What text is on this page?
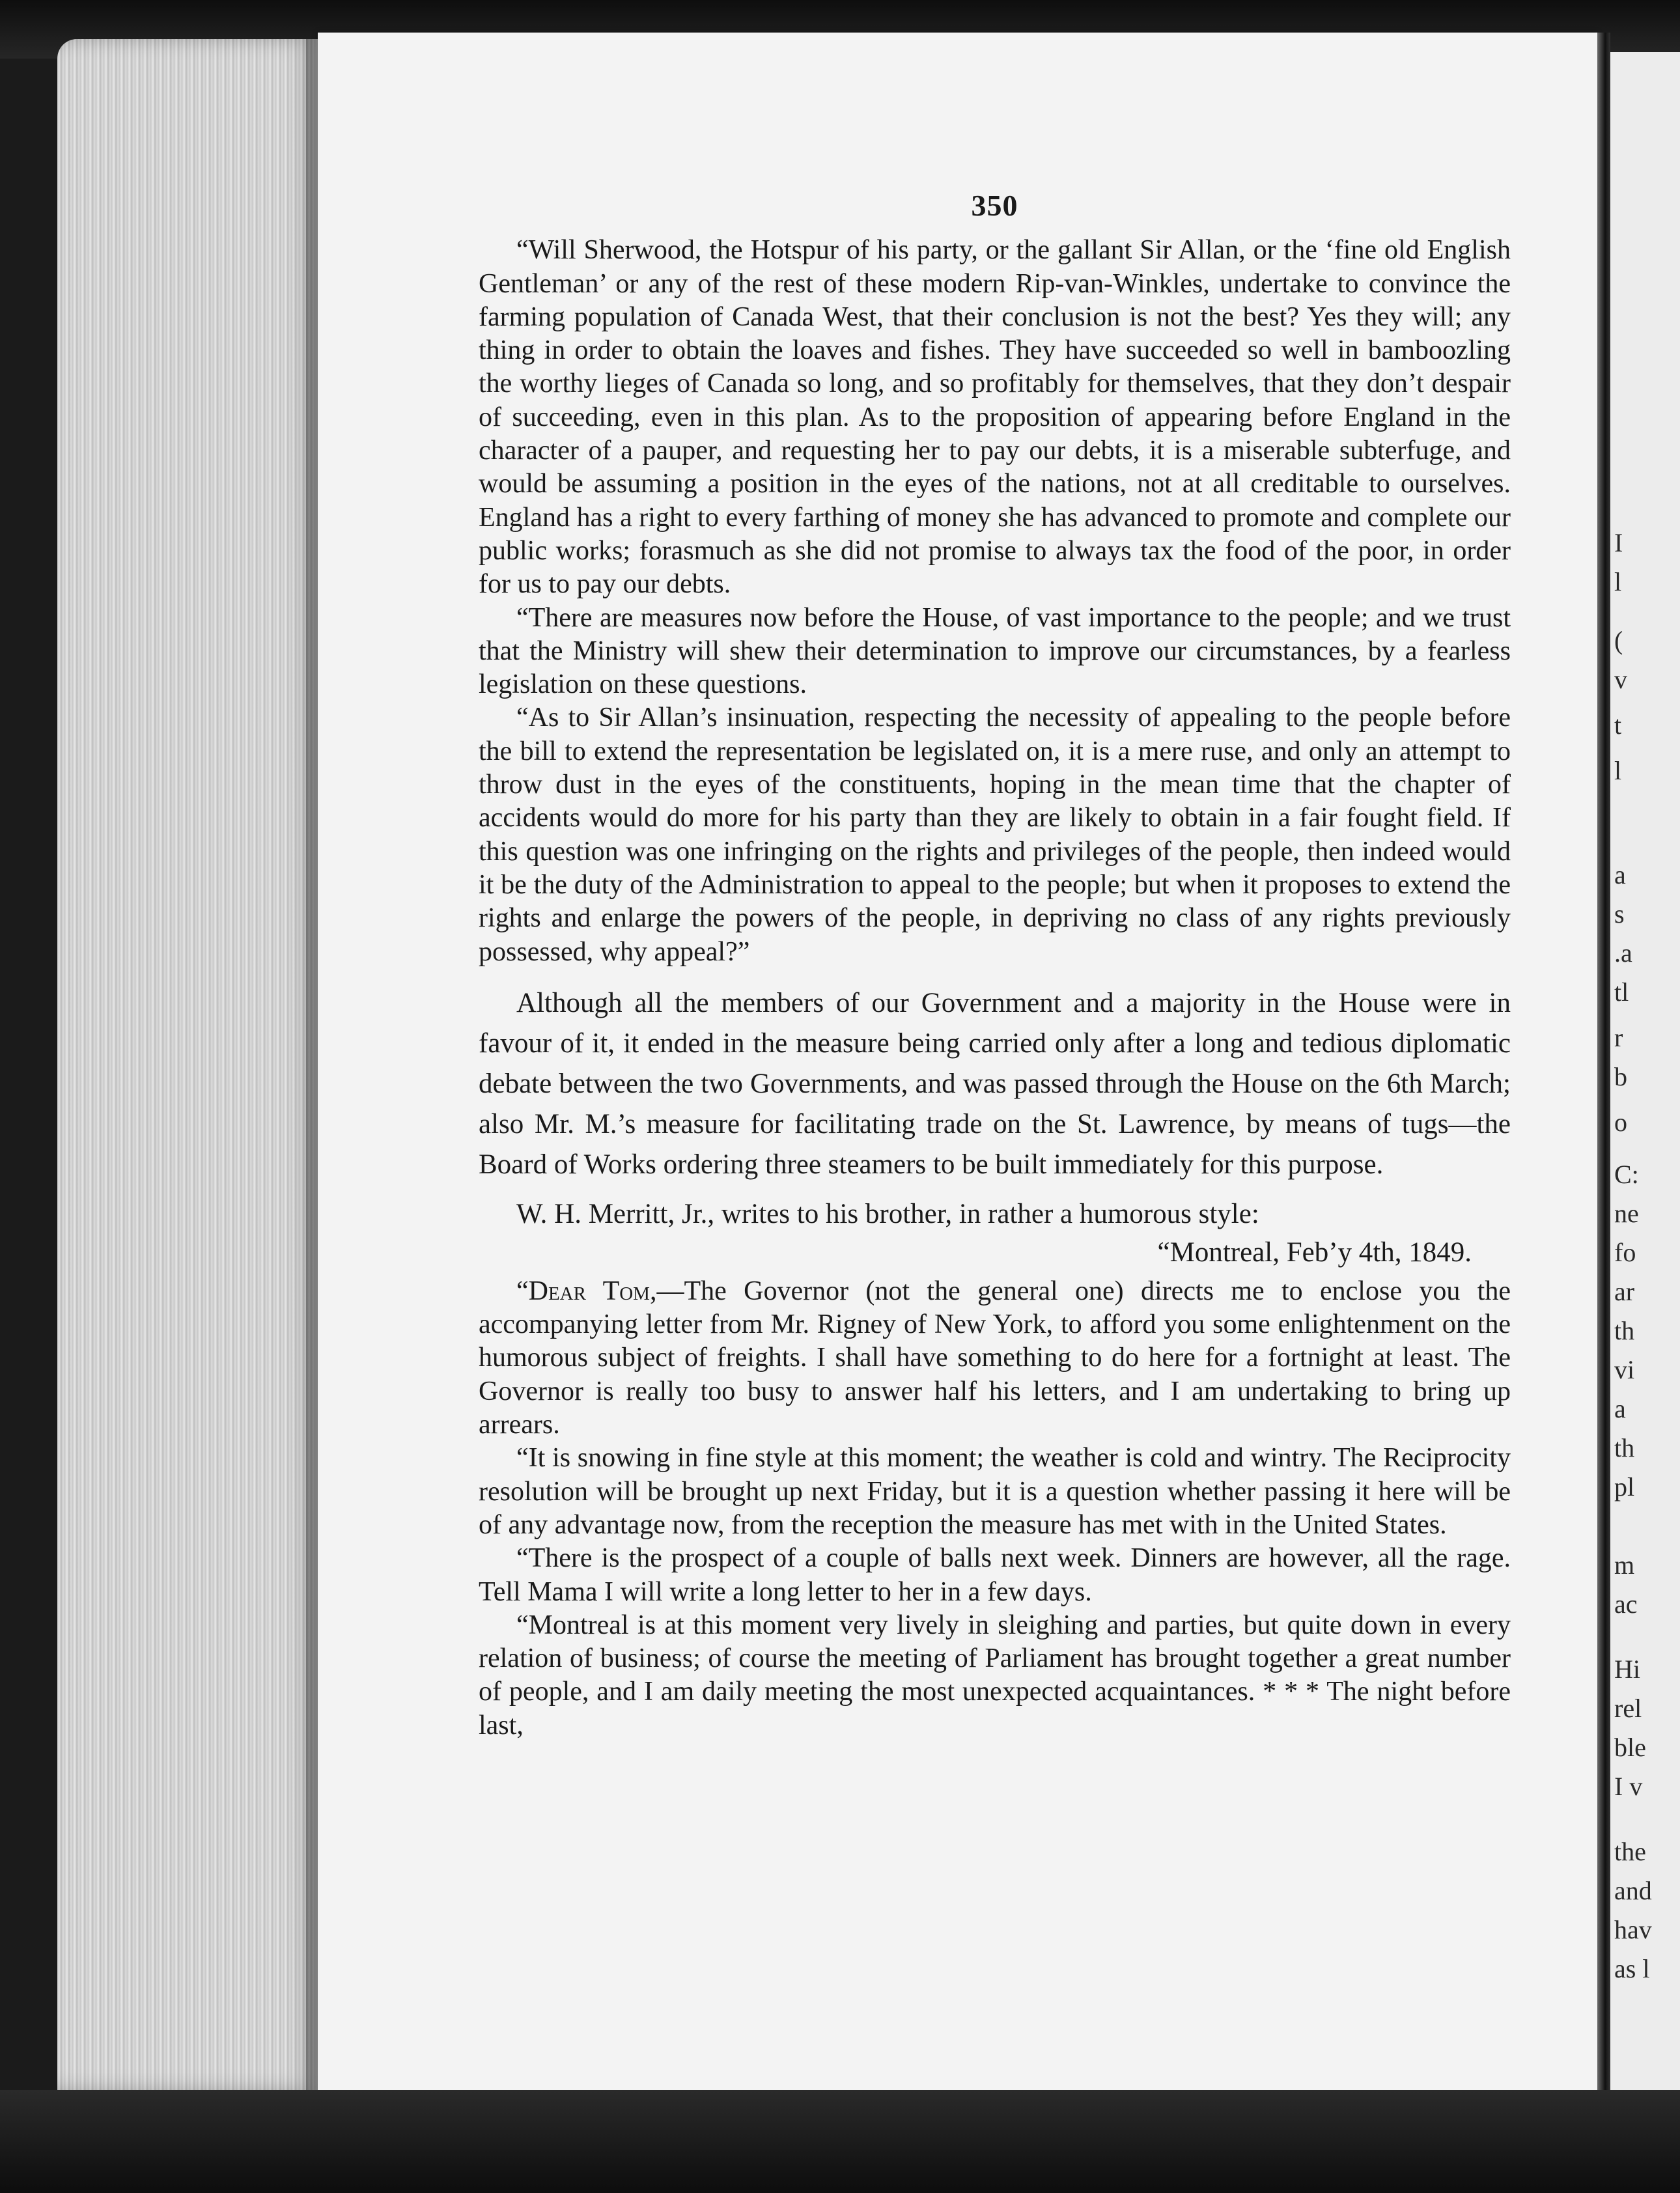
I
l
(
v
t
l
a
s
.a
tl
r
b
o
C:
ne
fo
ar
th
vi
a
th
pl
m
ac
Hi
rel
ble
I v
the
and
hav
as l
350

“Will Sherwood, the Hotspur of his party, or the gallant Sir Allan, or the ‘fine old English Gentleman’ or any of the rest of these modern Rip-van-Winkles, undertake to convince the farming population of Canada West, that their conclusion is not the best? Yes they will; any thing in order to obtain the loaves and fishes. They have succeeded so well in bamboozling the worthy lieges of Canada so long, and so profitably for themselves, that they don’t despair of succeeding, even in this plan. As to the proposition of appearing before England in the character of a pauper, and requesting her to pay our debts, it is a miserable subterfuge, and would be assuming a position in the eyes of the nations, not at all creditable to ourselves. England has a right to every farthing of money she has advanced to promote and complete our public works; forasmuch as she did not promise to always tax the food of the poor, in order for us to pay our debts.

“There are measures now before the House, of vast importance to the people; and we trust that the Ministry will shew their determination to improve our circumstances, by a fearless legislation on these questions.

“As to Sir Allan’s insinuation, respecting the necessity of appealing to the people before the bill to extend the representation be legislated on, it is a mere ruse, and only an attempt to throw dust in the eyes of the constituents, hoping in the mean time that the chapter of accidents would do more for his party than they are likely to obtain in a fair fought field. If this question was one infringing on the rights and privileges of the people, then indeed would it be the duty of the Administration to appeal to the people; but when it proposes to extend the rights and enlarge the powers of the people, in depriving no class of any rights previously possessed, why appeal?”

Although all the members of our Government and a majority in the House were in favour of it, it ended in the measure being carried only after a long and tedious diplomatic debate between the two Governments, and was passed through the House on the 6th March; also Mr. M.’s measure for facilitating trade on the St. Lawrence, by means of tugs—the Board of Works ordering three steamers to be built immediately for this purpose.

W. H. Merritt, Jr., writes to his brother, in rather a humorous style:

“Montreal, Feb’y 4th, 1849.

“Dear Tom,—The Governor (not the general one) directs me to enclose you the accompanying letter from Mr. Rigney of New York, to afford you some enlightenment on the humorous subject of freights. I shall have something to do here for a fortnight at least. The Governor is really too busy to answer half his letters, and I am undertaking to bring up arrears.

“It is snowing in fine style at this moment; the weather is cold and wintry. The Reciprocity resolution will be brought up next Friday, but it is a question whether passing it here will be of any advantage now, from the reception the measure has met with in the United States.

“There is the prospect of a couple of balls next week. Dinners are however, all the rage. Tell Mama I will write a long letter to her in a few days.

“Montreal is at this moment very lively in sleighing and parties, but quite down in every relation of business; of course the meeting of Parliament has brought together a great number of people, and I am daily meeting the most unexpected acquaintances. * * * The night before last,
